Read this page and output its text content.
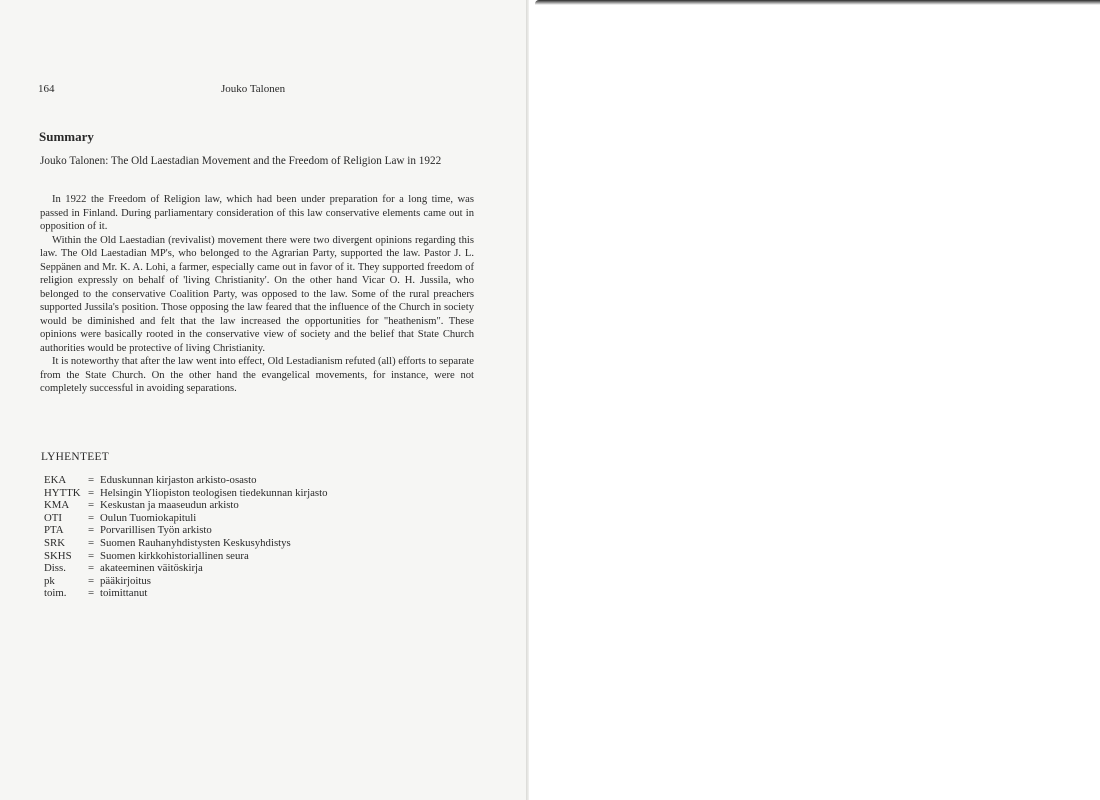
164	Jouko Talonen
Summary
Jouko Talonen: The Old Laestadian Movement and the Freedom of Religion Law in 1922

In 1922 the Freedom of Religion law, which had been under preparation for a long time, was passed in Finland. During parliamentary consideration of this law conservative elements came out in opposition of it.

Within the Old Laestadian (revivalist) movement there were two divergent opinions regarding this law. The Old Laestadian MP's, who belonged to the Agrarian Party, supported the law. Pastor J. L. Seppänen and Mr. K. A. Lohi, a farmer, especially came out in favor of it. They supported freedom of religion expressly on behalf of 'living Christianity'. On the other hand Vicar O. H. Jussila, who belonged to the conservative Coalition Party, was opposed to the law. Some of the rural preachers supported Jussila's position. Those opposing the law feared that the influence of the Church in society would be diminished and felt that the law increased the opportunities for "heathenism". These opinions were basically rooted in the conservative view of society and the belief that State Church authorities would be protective of living Christianity.

It is noteworthy that after the law went into effect, Old Lestadianism refuted (all) efforts to separate from the State Church. On the other hand the evangelical movements, for instance, were not completely successful in avoiding separations.

LYHENTEET
EKA	= Eduskunnan kirjaston arkisto-osasto
HYTTK = Helsingin Yliopiston teologisen tiedekunnan kirjasto
KMA	= Keskustan ja maaseudun arkisto
OTI	= Oulun Tuomiokapituli
PTA	= Porvarillisen Työn arkisto
SRK	= Suomen Rauhanyhdistysten Keskusyhdistys
SKHS	= Suomen kirkkohistoriallinen seura
Diss.	= akateeminen väitöskirja
pk	= pääkirjoitus
toim.	= toimittanut
